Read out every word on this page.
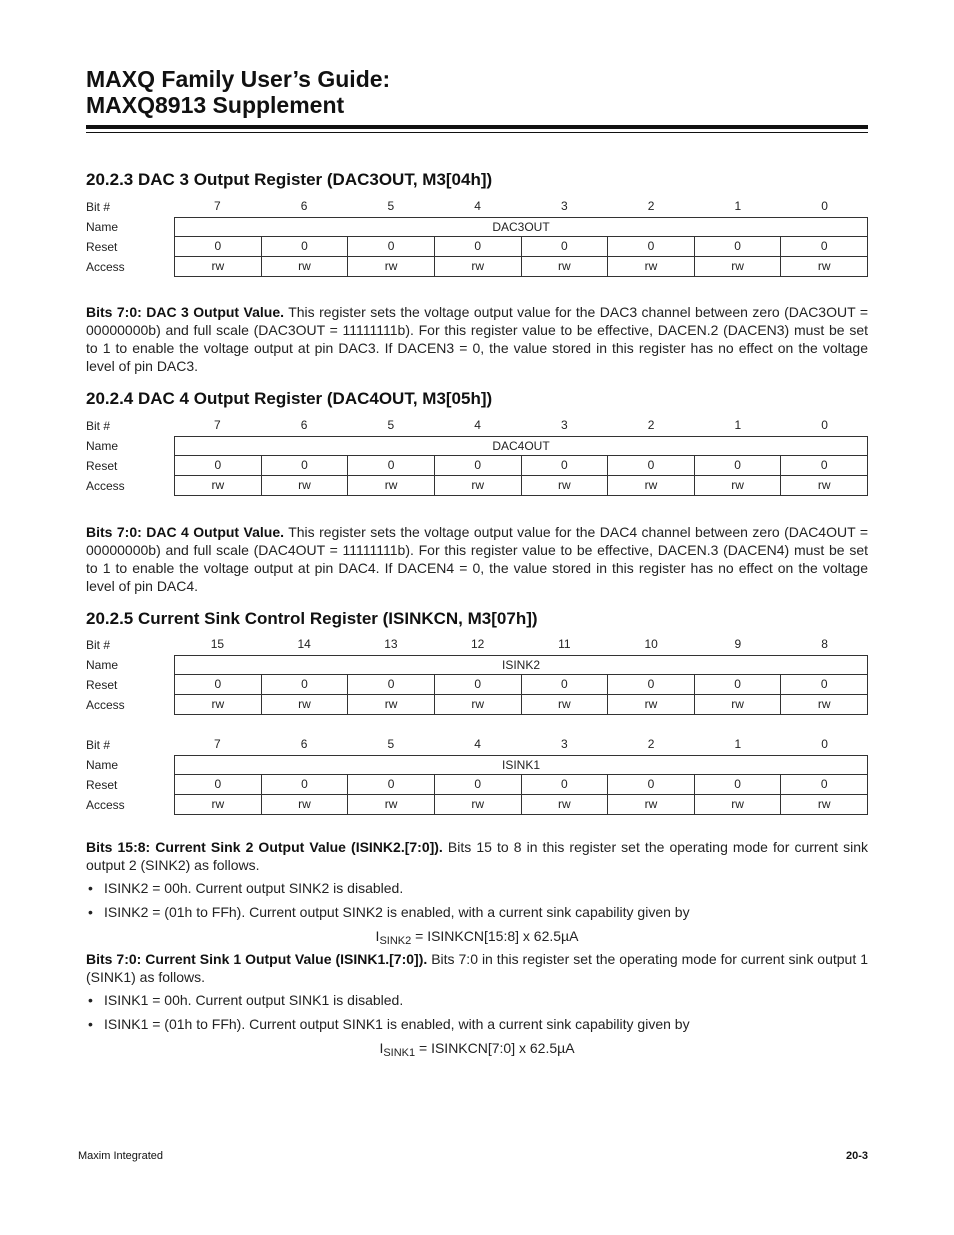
MAXQ Family User’s Guide:
MAXQ8913 Supplement
20.2.3 DAC 3 Output Register (DAC3OUT, M3[04h])
Bit #	7	6	5	4	3	2	1	0
Name	DAC3OUT
Reset	0	0	0	0	0	0	0	0
Access	rw	rw	rw	rw	rw	rw	rw	rw

Bits 7:0: DAC 3 Output Value. This register sets the voltage output value for the DAC3 channel between zero (DAC3OUT = 00000000b) and full scale (DAC3OUT = 11111111b). For this register value to be effective, DACEN.2 (DACEN3) must be set to 1 to enable the voltage output at pin DAC3. If DACEN3 = 0, the value stored in this register has no effect on the voltage level of pin DAC3.

20.2.4 DAC 4 Output Register (DAC4OUT, M3[05h])
Bit #	7	6	5	4	3	2	1	0
Name	DAC4OUT
Reset	0	0	0	0	0	0	0	0
Access	rw	rw	rw	rw	rw	rw	rw	rw

Bits 7:0: DAC 4 Output Value. This register sets the voltage output value for the DAC4 channel between zero (DAC4OUT = 00000000b) and full scale (DAC4OUT = 11111111b). For this register value to be effective, DACEN.3 (DACEN4) must be set to 1 to enable the voltage output at pin DAC4. If DACEN4 = 0, the value stored in this register has no effect on the voltage level of pin DAC4.

20.2.5 Current Sink Control Register (ISINKCN, M3[07h])
Bit #	15	14	13	12	11	10	9	8
Name	ISINK2
Reset	0	0	0	0	0	0	0	0
Access	rw	rw	rw	rw	rw	rw	rw	rw
Bit #	7	6	5	4	3	2	1	0
Name	ISINK1
Reset	0	0	0	0	0	0	0	0
Access	rw	rw	rw	rw	rw	rw	rw	rw

Bits 15:8: Current Sink 2 Output Value (ISINK2.[7:0]). Bits 15 to 8 in this register set the operating mode for current sink output 2 (SINK2) as follows.

• ISINK2 = 00h. Current output SINK2 is disabled.

• ISINK2 = (01h to FFh). Current output SINK2 is enabled, with a current sink capability given by

$I_{SINK2}$ = ISINKCN[15:8] x 62.5µA

Bits 7:0: Current Sink 1 Output Value (ISINK1.[7:0]). Bits 7:0 in this register set the operating mode for current sink output 1 (SINK1) as follows.

• ISINK1 = 00h. Current output SINK1 is disabled.

• ISINK1 = (01h to FFh). Current output SINK1 is enabled, with a current sink capability given by

$I_{SINK1}$ = ISINKCN[7:0] x 62.5µA

Maxim Integrated	20-3
